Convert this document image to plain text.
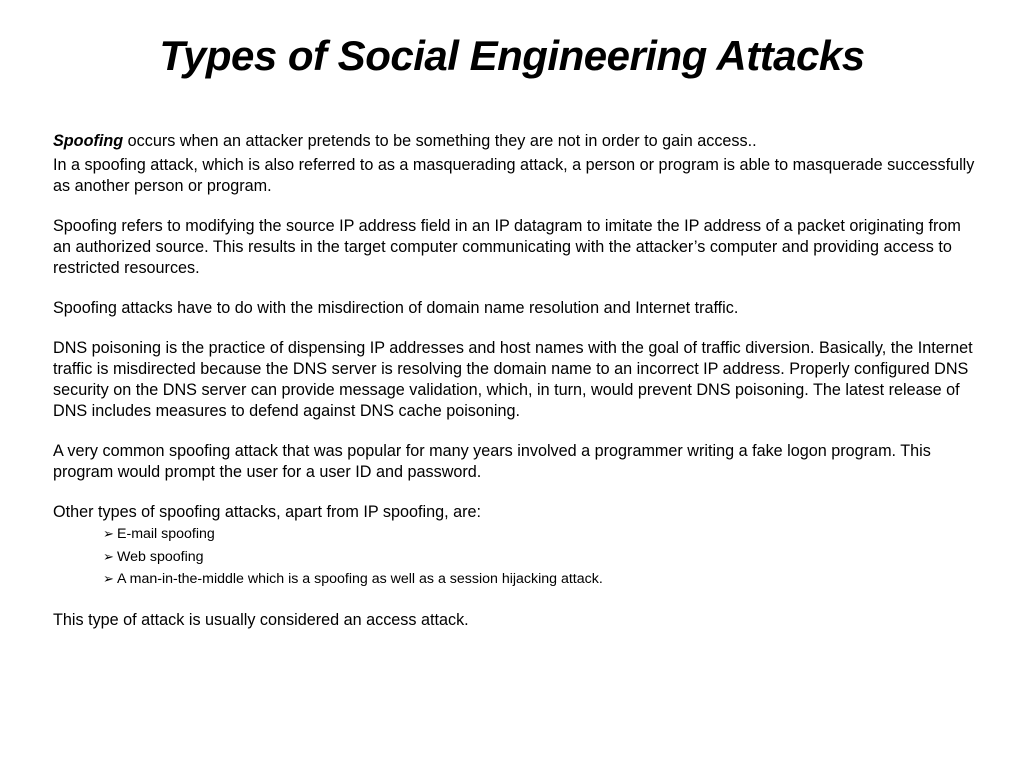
Types of Social Engineering Attacks

Spoofing occurs when an attacker pretends to be something they are not in order to gain access..

In a spoofing attack, which is also referred to as a masquerading attack, a person or program is able to masquerade successfully as another person or program.

Spoofing refers to modifying the source IP address field in an IP datagram to imitate the IP address of a packet originating from an authorized source. This results in the target computer communicating with the attacker’s computer and providing access to restricted resources.

Spoofing attacks have to do with the misdirection of domain name resolution and Internet traffic.

DNS poisoning is the practice of dispensing IP addresses and host names with the goal of traffic diversion. Basically, the Internet traffic is misdirected because the DNS server is resolving the domain name to an incorrect IP address. Properly configured DNS security on the DNS server can provide message validation, which, in turn, would prevent DNS poisoning. The latest release of DNS includes measures to defend against DNS cache poisoning.

A very common spoofing attack that was popular for many years involved a programmer writing a fake logon program. This program would prompt the user for a user ID and password.

Other types of spoofing attacks, apart from IP spoofing, are:

➢ E-mail spoofing
➢ Web spoofing
➢ A man-in-the-middle which is a spoofing as well as a session hijacking attack.

This type of attack is usually considered an access attack.
